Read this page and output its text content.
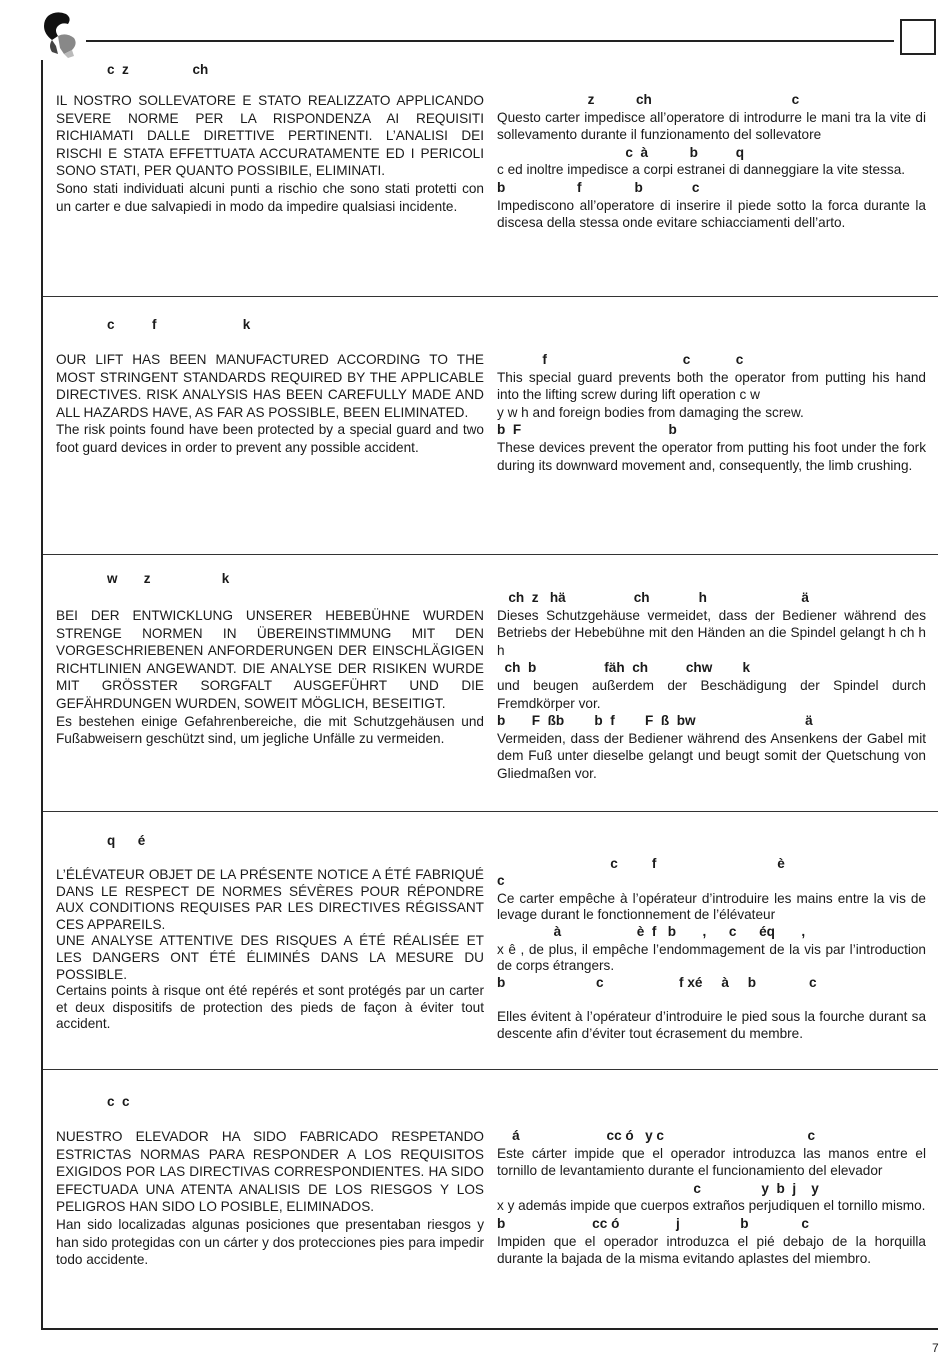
c  z                 ch

IL NOSTRO SOLLEVATORE E STATO REALIZZATO APPLICANDO SEVERE NORME PER LA RISPONDENZA AI REQUISITI RICHIAMATI DALLE DIRETTIVE PERTINENTI. L’ANALISI DEI RISCHI E STATA EFFETTUATA ACCURATAMENTE ED I PERICOLI SONO STATI, PER QUANTO POSSIBILE, ELIMINATI.

Sono stati individuati alcuni punti a rischio che sono stati protetti con un carter e due salvapiedi in modo da impedire qualsiasi incidente.

z           ch                                     c

Questo carter impedisce all’operatore di introdurre le mani tra la vite di sollevamento durante il funzionamento del sollevatore

c  à           b          q

c ed inoltre impedisce a corpi estranei di danneggiare la vite stessa.

b                   f              b             c

Impediscono all’operatore di inserire il piede sotto la forca durante la discesa della stessa onde evitare schiacciamenti dell’arto.

c          f                       k

OUR LIFT HAS BEEN MANUFACTURED ACCORDING TO THE MOST STRINGENT STANDARDS REQUIRED BY THE APPLICABLE DIRECTIVES. RISK ANALYSIS HAS BEEN CAREFULLY MADE AND ALL HAZARDS HAVE, AS FAR AS POSSIBLE, BEEN ELIMINATED.

The risk points found have been protected by a special guard and two foot guard devices in order to prevent any possible accident.

f                                    c            c

This special guard prevents both the operator from putting his hand into the lifting screw during lift operation c w

y w h and foreign bodies from damaging the screw.

b  F                                       b

These devices prevent the operator from putting his foot under the fork during its downward movement and, consequently, the limb crushing.

w       z                   k

BEI DER ENTWICKLUNG UNSERER HEBEBÜHNE WURDEN STRENGE NORMEN IN ÜBEREINSTIMMUNG MIT DEN VORGESCHRIEBENEN ANFORDERUNGEN DER EINSCHLÄGIGEN RICHTLINIEN ANGEWANDT. DIE ANALYSE DER RISIKEN WURDE MIT GRÖSSTER SORGFALT AUSGEFÜHRT UND DIE GEFÄHRDUNGEN WURDEN, SOWEIT MÖGLICH, BESEITIGT.

Es bestehen einige Gefahrenbereiche, die mit Schutzgehäusen und Fußabweisern geschützt sind, um jegliche Unfälle zu vermeiden.

ch  z   hä                  ch             h                         ä

Dieses Schutzgehäuse vermeidet, dass der Bediener während des Betriebs der Hebebühne mit den Händen an die Spindel gelangt h ch h h

ch  b                  fäh  ch          chw        k

und beugen außerdem der Beschädigung der Spindel durch Fremdkörper vor.

b       F  ßb        b  f        F  ß  bw                             ä

Vermeiden, dass der Bediener während des Ansenkens der Gabel mit dem Fuß unter dieselbe gelangt und beugt somit der Quetschung von Gliedmaßen vor.

q      é

L’ÉLÉVATEUR OBJET DE LA PRÉSENTE NOTICE A ÉTÉ FABRIQUÉ DANS LE RESPECT DE NORMES SÉVÈRES POUR RÉPONDRE AUX CONDITIONS REQUISES PAR LES DIRECTIVES RÉGISSANT CES APPAREILS.

UNE ANALYSE ATTENTIVE DES RISQUES A ÉTÉ RÉALISÉE ET LES DANGERS ONT ÉTÉ ÉLIMINÉS DANS LA MESURE DU POSSIBLE.

Certains points à risque ont été repérés et sont protégés par un carter et deux dispositifs de protection des pieds de façon à éviter tout accident.

c         f                                è

c

Ce carter empêche à l’opérateur d’introduire les mains entre la vis de levage durant le fonctionnement de l’élévateur

à                    è  f   b       ,      c      éq       ,

x ê , de plus, il empêche l’endommagement de la vis par l’introduction de corps étrangers.

b                        c                    f xé     à     b              c

Elles évitent à l’opérateur d’introduire le pied sous la fourche durant sa descente afin d’éviter tout écrasement du membre.

c  c

NUESTRO ELEVADOR HA SIDO FABRICADO RESPETANDO ESTRICTAS NORMAS PARA RESPONDER A LOS REQUISITOS EXIGIDOS POR LAS DIRECTIVAS CORRESPONDIENTES. HA SIDO EFECTUADA UNA ATENTA ANALISIS DE LOS RIESGOS Y LOS PELIGROS HAN SIDO LO POSIBLE, ELIMINADOS.

Han sido localizadas algunas posiciones que presentaban riesgos y han sido protegidas con un cárter y dos protecciones pies para impedir todo accidente.

á                       cc ó   y c                                      c

Este cárter impide que el operador introduzca las manos entre el tornillo de levantamiento durante el funcionamiento del elevador

c                y  b  j    y

x y además impide que cuerpos extraños perjudiquen el tornillo mismo.

b                       cc ó               j                b              c

Impiden que el operador introduzca el pié debajo de la horquilla durante la bajada de la misma evitando aplastes del miembro.

7
